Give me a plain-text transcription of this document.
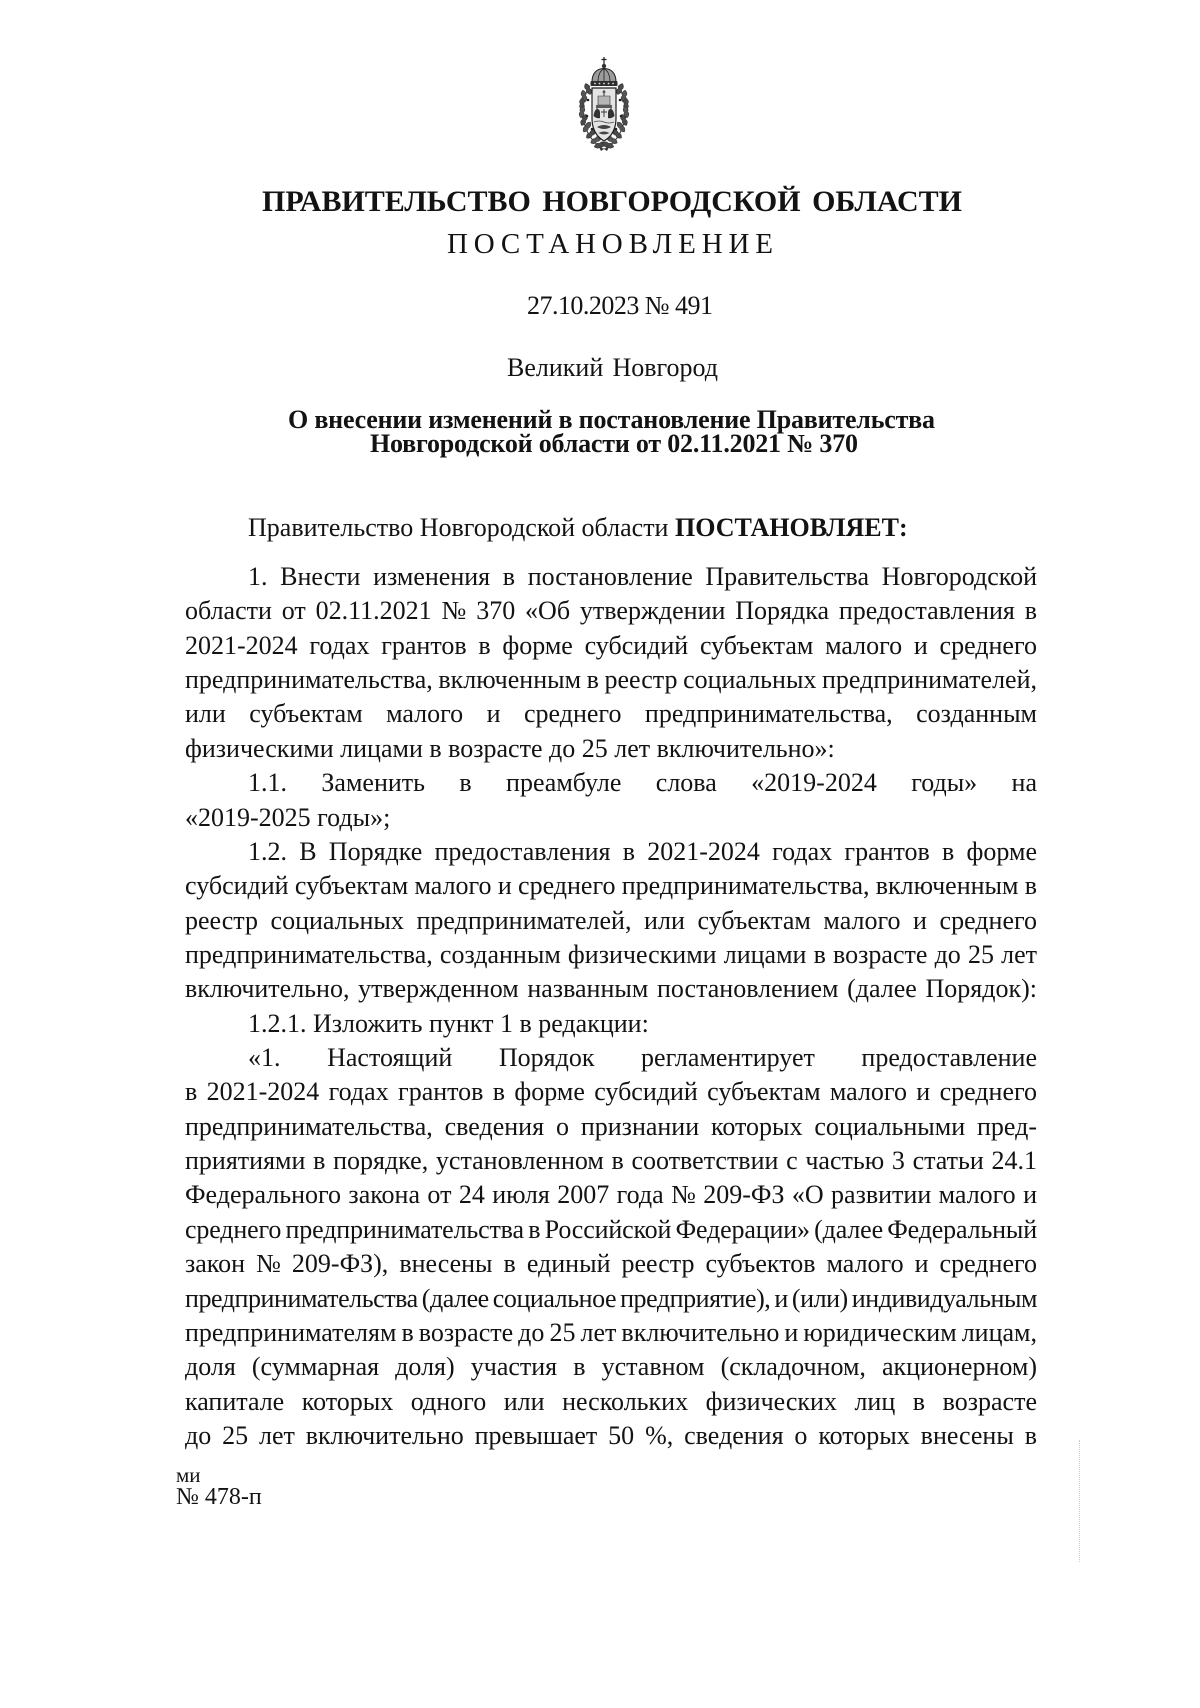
ПРАВИТЕЛЬСТВО НОВГОРОДСКОЙ ОБЛАСТИ
ПОСТАНОВЛЕНИЕ
27.10.2023 № 491
Великий Новгород
О внесении изменений в постановление Правительства
Новгородской области от 02.11.2021 № 370
Правительство Новгородской области ПОСТАНОВЛЯЕТ:
1. Внести изменения в постановление Правительства Новгородской
области от 02.11.2021 № 370 «Об утверждении Порядка предоставления в
2021-2024 годах грантов в форме субсидий субъектам малого и среднего
предпринимательства, включенным в реестр социальных предпринимателей,
или субъектам малого и среднего предпринимательства, созданным
физическими лицами в возрасте до 25 лет включительно»:
1.1. Заменить в преамбуле слова «2019-2024 годы» на
«2019-2025 годы»;
1.2. В Порядке предоставления в 2021-2024 годах грантов в форме
субсидий субъектам малого и среднего предпринимательства, включенным в
реестр социальных предпринимателей, или субъектам малого и среднего
предпринимательства, созданным физическими лицами в возрасте до 25 лет
включительно, утвержденном названным постановлением (далее Порядок):
1.2.1. Изложить пункт 1 в редакции:
«1. Настоящий Порядок регламентирует предоставление
в 2021-2024 годах грантов в форме субсидий субъектам малого и среднего
предпринимательства, сведения о признании которых социальными пред-
приятиями в порядке, установленном в соответствии с частью 3 статьи 24.1
Федерального закона от 24 июля 2007 года № 209-ФЗ «О развитии малого и
среднего предпринимательства в Российской Федерации» (далее Федеральный
закон № 209-ФЗ), внесены в единый реестр субъектов малого и среднего
предпринимательства (далее социальное предприятие), и (или) индивидуальным
предпринимателям в возрасте до 25 лет включительно и юридическим лицам,
доля (суммарная доля) участия в уставном (складочном, акционерном)
капитале которых одного или нескольких физических лиц в возрасте
до 25 лет включительно превышает 50 %, сведения о которых внесены в
ми
№ 478-п
